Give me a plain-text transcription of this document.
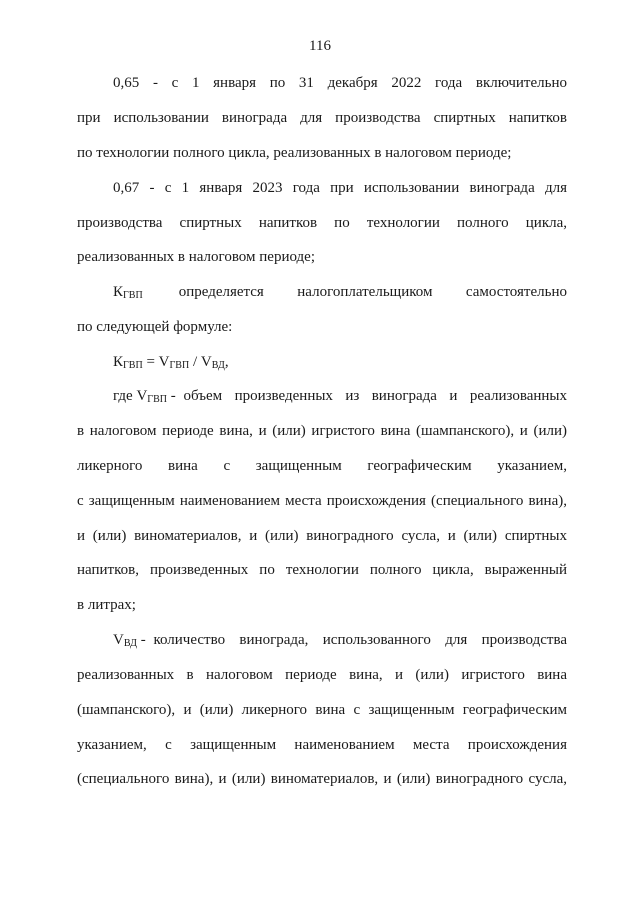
116
0,65 - с 1 января по 31 декабря 2022 года включительно
при использовании винограда для производства спиртных напитков
по технологии полного цикла, реализованных в налоговом периоде;
0,67 - с 1 января 2023 года при использовании винограда для
производства спиртных напитков по технологии полного цикла,
реализованных в налоговом периоде;
$К_{ГВП}$ определяется налогоплательщиком самостоятельно
по следующей формуле:
$К_{ГВП} = V_{ГВП} / V_{ВД}$,
где $V_{ГВП}$ - объем произведенных из винограда и реализованных
в налоговом периоде вина, и (или) игристого вина (шампанского), и (или)
ликерного вина с защищенным географическим указанием,
с защищенным наименованием места происхождения (специального вина),
и (или) виноматериалов, и (или) виноградного сусла, и (или) спиртных
напитков, произведенных по технологии полного цикла, выраженный
в литрах;
$V_{ВД}$ - количество винограда, использованного для производства
реализованных в налоговом периоде вина, и (или) игристого вина
(шампанского), и (или) ликерного вина с защищенным географическим
указанием, с защищенным наименованием места происхождения
(специального вина), и (или) виноматериалов, и (или) виноградного сусла,
